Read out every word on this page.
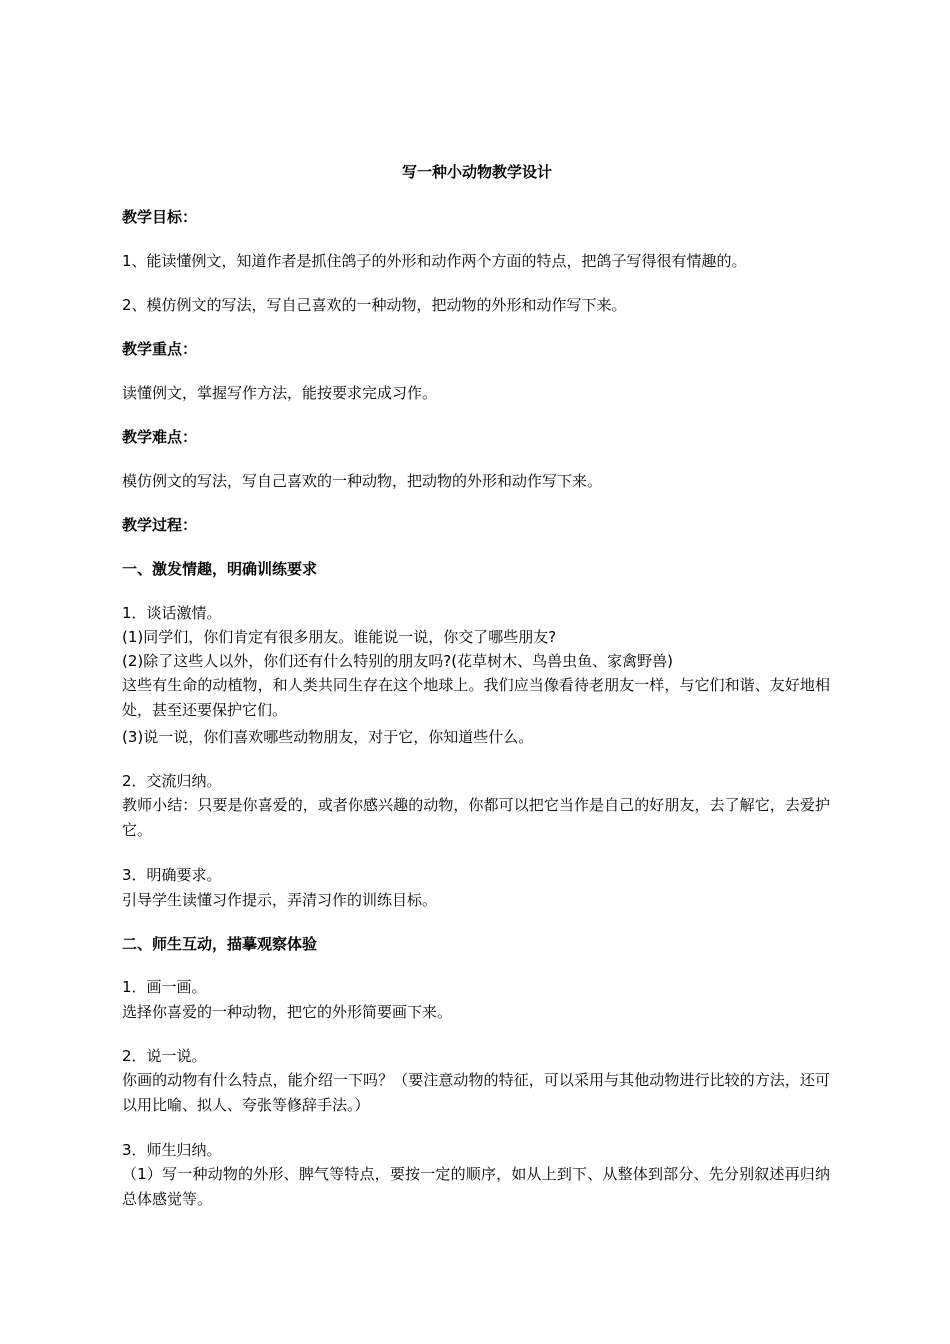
写一种小动物教学设计
教学目标：
1、能读懂例文，知道作者是抓住鸽子的外形和动作两个方面的特点，把鸽子写得很有情趣的。
2、模仿例文的写法，写自己喜欢的一种动物，把动物的外形和动作写下来。
教学重点：
读懂例文，掌握写作方法，能按要求完成习作。
教学难点：
模仿例文的写法，写自己喜欢的一种动物，把动物的外形和动作写下来。
教学过程：
一、激发情趣，明确训练要求
1．谈话激情。
(1)同学们，你们肯定有很多朋友。谁能说一说，你交了哪些朋友?
(2)除了这些人以外，你们还有什么特别的朋友吗?(花草树木、鸟兽虫鱼、家禽野兽)
这些有生命的动植物，和人类共同生存在这个地球上。我们应当像看待老朋友一样，与它们和谐、友好地相处，甚至还要保护它们。
(3)说一说，你们喜欢哪些动物朋友，对于它，你知道些什么。
2．交流归纳。
教师小结：只要是你喜爱的，或者你感兴趣的动物，你都可以把它当作是自己的好朋友，去了解它，去爱护它。
3．明确要求。
引导学生读懂习作提示，弄清习作的训练目标。
二、师生互动，描摹观察体验
1．画一画。
选择你喜爱的一种动物，把它的外形简要画下来。
2．说一说。
你画的动物有什么特点，能介绍一下吗？（要注意动物的特征，可以采用与其他动物进行比较的方法，还可以用比喻、拟人、夸张等修辞手法。）
3．师生归纳。
（1）写一种动物的外形、脾气等特点，要按一定的顺序，如从上到下、从整体到部分、先分别叙述再归纳总体感觉等。
